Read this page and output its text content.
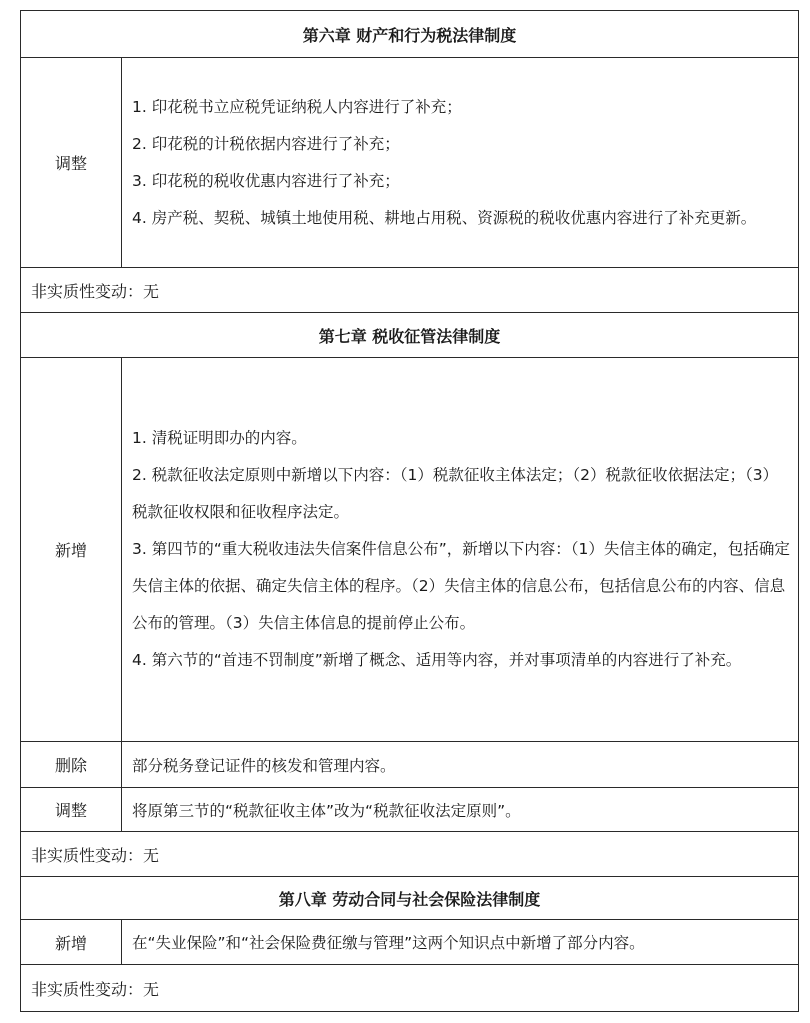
第六章 财产和行为税法律制度	
调整	1. 印花税书立应税凭证纳税人内容进行了补充；
2. 印花税的计税依据内容进行了补充；
3. 印花税的税收优惠内容进行了补充；
4. 房产税、契税、城镇土地使用税、耕地占用税、资源税的税收优惠内容进行了补充更新。

非实质性变动：无	
第七章 税收征管法律制度	
新增	1. 清税证明即办的内容。
2. 税款征收法定原则中新增以下内容：（1）税款征收主体法定；（2）税款征收依据法定；（3）税款征收权限和征收程序法定。
3. 第四节的“重大税收违法失信案件信息公布”，新增以下内容：（1）失信主体的确定，包括确定失信主体的依据、确定失信主体的程序。（2）失信主体的信息公布，包括信息公布的内容、信息公布的管理。（3）失信主体信息的提前停止公布。
4. 第六节的“首违不罚制度”新增了概念、适用等内容，并对事项清单的内容进行了补充。

删除	部分税务登记证件的核发和管理内容。
调整	将原第三节的“税款征收主体”改为“税款征收法定原则”。
非实质性变动：无	
第八章 劳动合同与社会保险法律制度	
新增	在“失业保险”和“社会保险费征缴与管理”这两个知识点中新增了部分内容。
非实质性变动：无	
